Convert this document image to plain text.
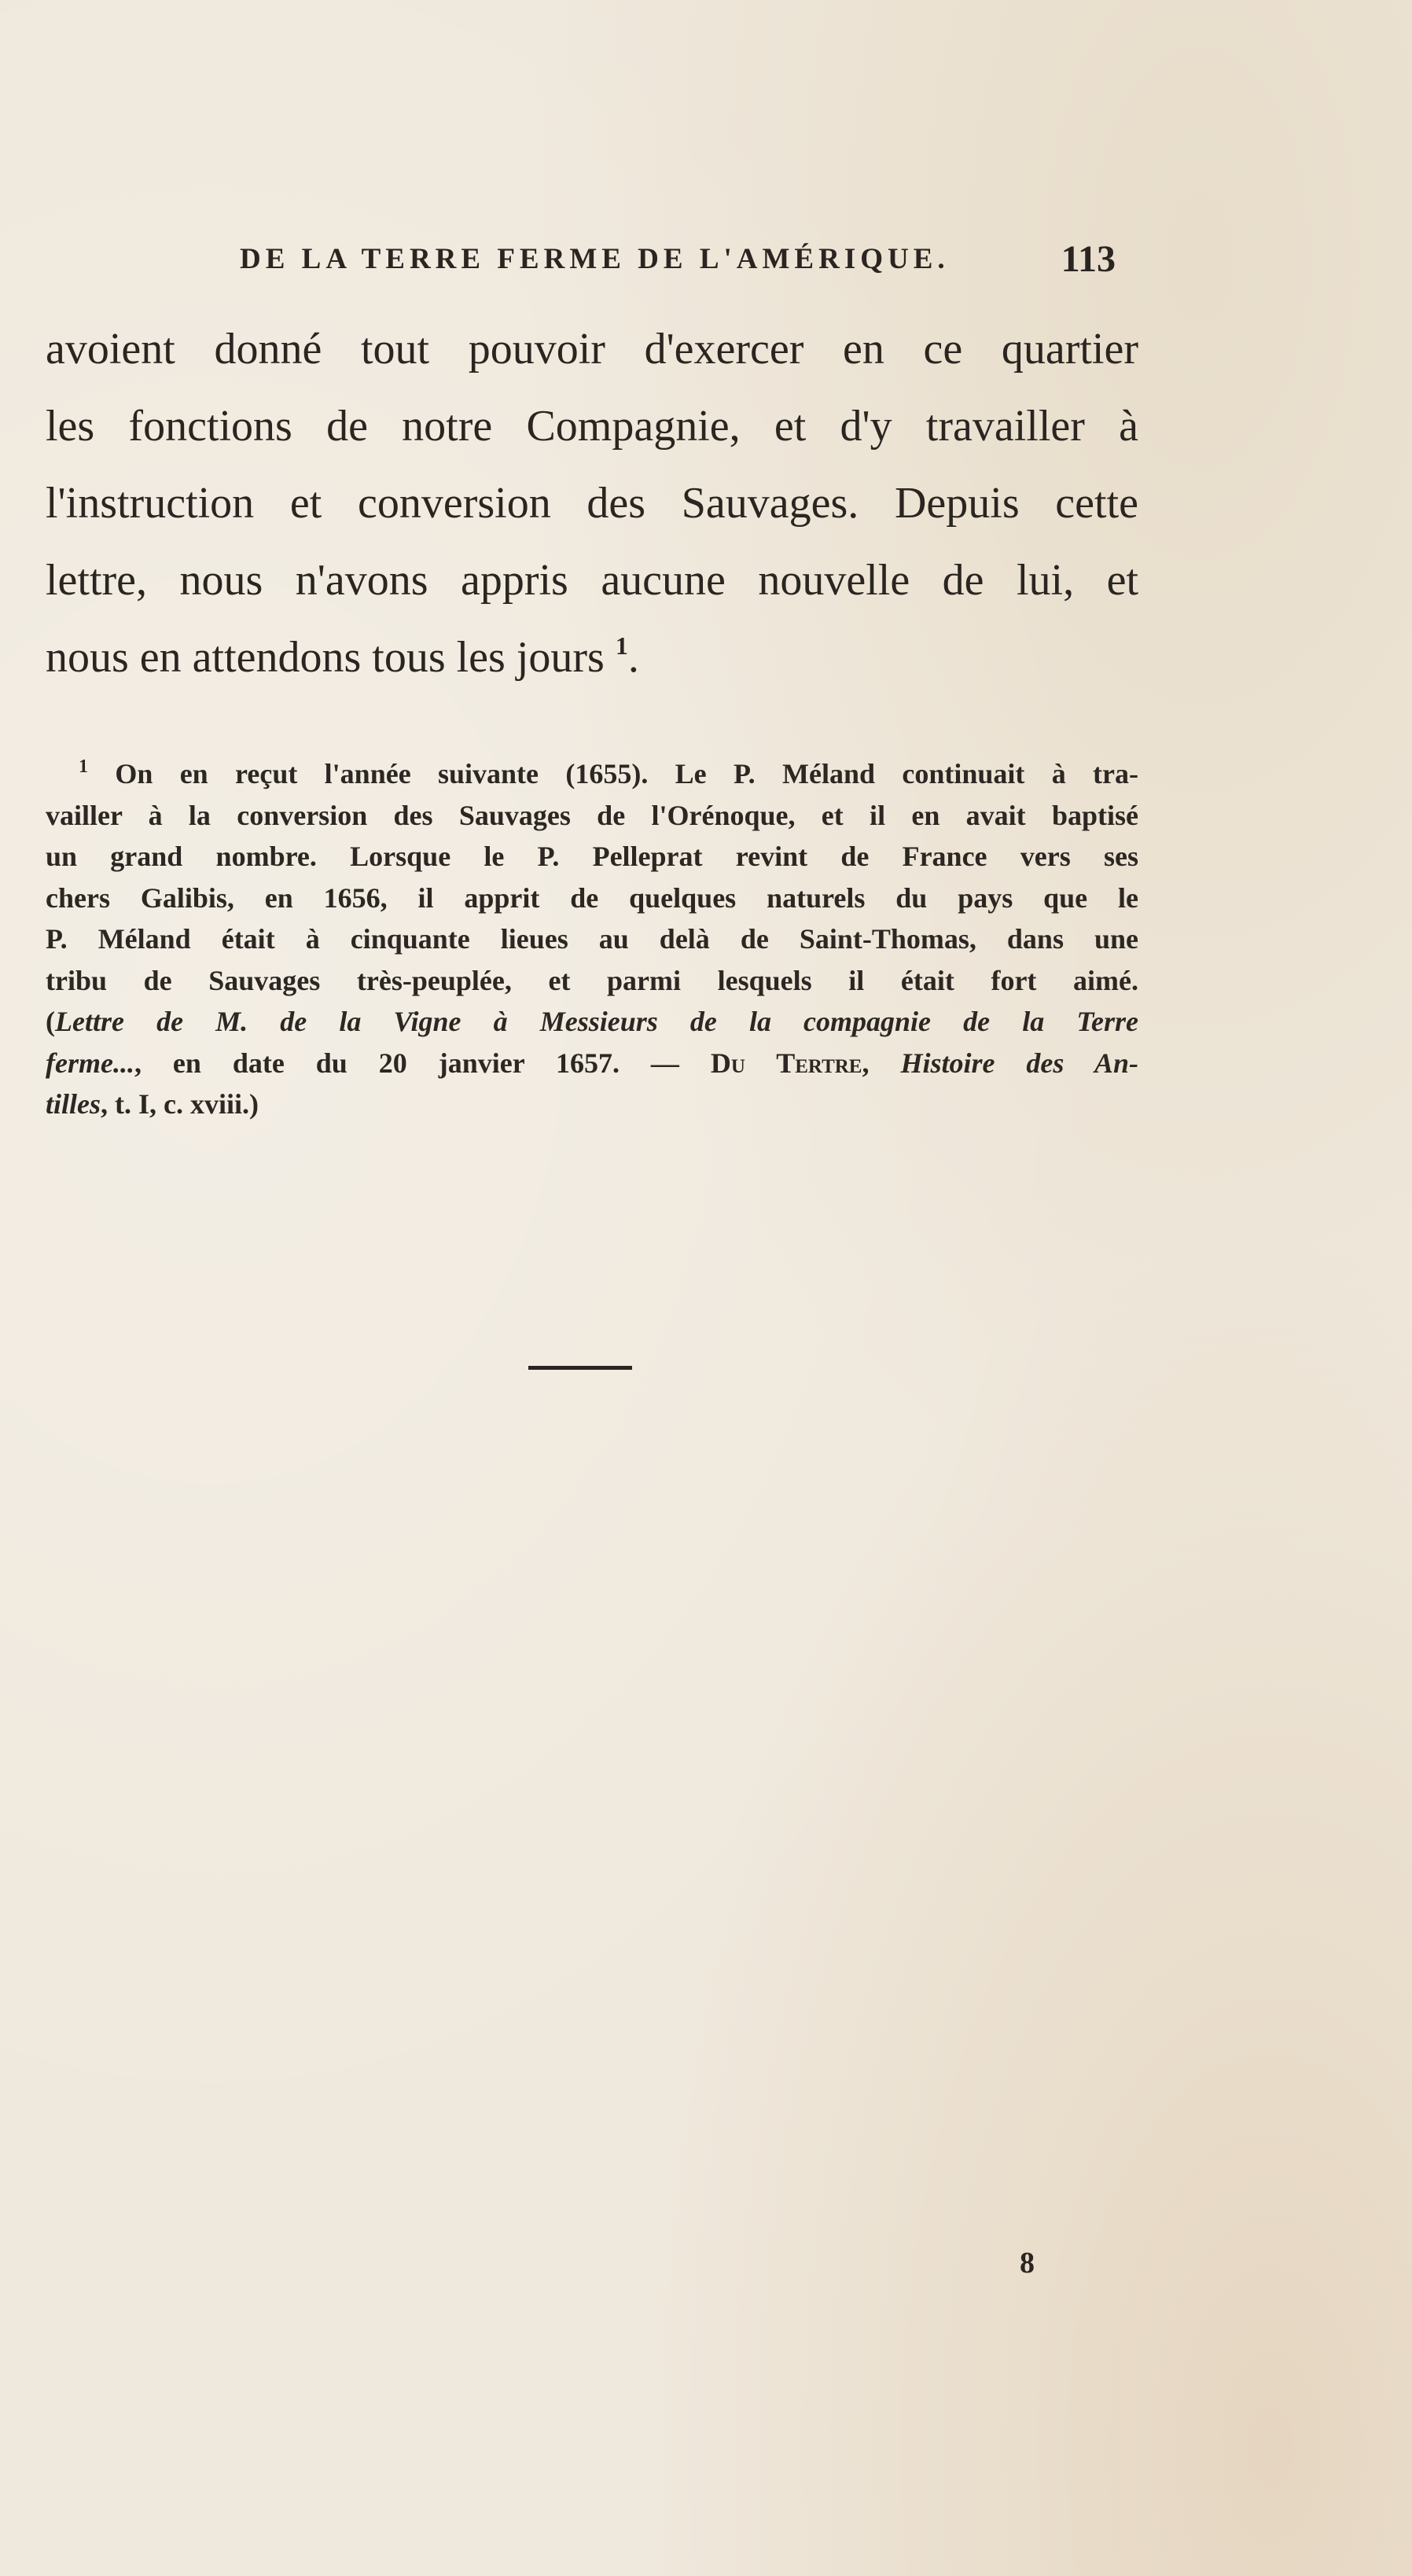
DE LA TERRE FERME DE L'AMÉRIQUE.	113
avoient donné tout pouvoir d'exercer en ce quartier
les fonctions de notre Compagnie, et d'y travailler à
l'instruction et conversion des Sauvages. Depuis cette
lettre, nous n'avons appris aucune nouvelle de lui, et
nous en attendons tous les jours $^1$.
$^1$ On en reçut l'année suivante (1655). Le P. Méland continuait à tra-
vailler à la conversion des Sauvages de l'Orénoque, et il en avait baptisé
un grand nombre. Lorsque le P. Pelleprat revint de France vers ses
chers Galibis, en 1656, il apprit de quelques naturels du pays que le
P. Méland était à cinquante lieues au delà de Saint-Thomas, dans une
tribu de Sauvages très-peuplée, et parmi lesquels il était fort aimé.
(Lettre de M. de la Vigne à Messieurs de la compagnie de la Terre
ferme..., en date du 20 janvier 1657. — Du Tertre, Histoire des An-
tilles, t. I, c. xviii.)
8
